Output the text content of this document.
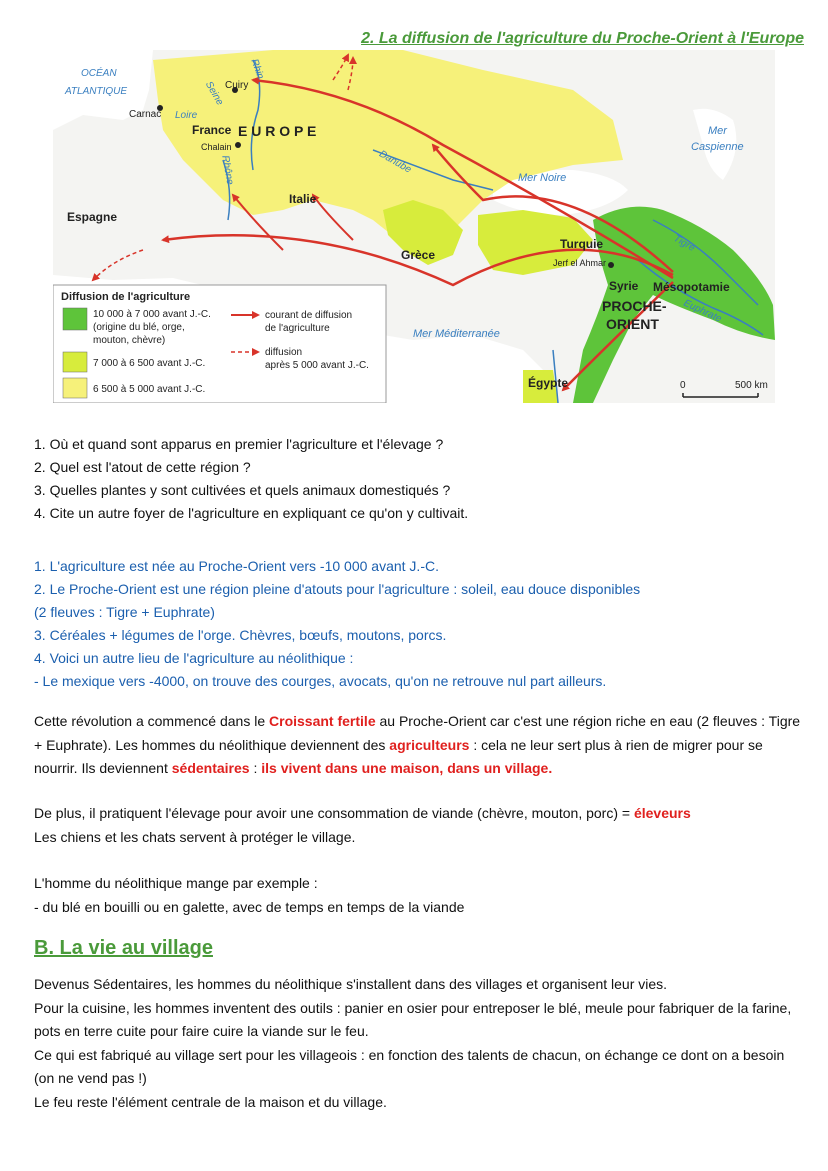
2. La diffusion de l'agriculture du Proche-Orient à l'Europe
OCÉAN
ATLANTIQUE
Loire
Seine
Rhin
Rhône	Danube
Mer Noire
Mer
Caspienne
Tigre
Euphrate
Mer Méditerranée
Carnac
Cuiry
France E U R O P E
Chalain
Espagne
Italie
Grèce
Turquie
Jerf el Ahmar
Syrie Mésopotamie
PROCHE-
ORIENT
Égypte	0	500 km
Diffusion de l'agriculture
10 000 à 7 000 avant J.-C.
(origine du blé, orge,
mouton, chèvre)
7 000 à 6 500 avant J.-C.
6 500 à 5 000 avant J.-C.
courant de diffusion
de l'agriculture
diffusion
après 5 000 avant J.-C.

1. Où et quand sont apparus en premier l'agriculture et l'élevage ?

2. Quel est l'atout de cette région ?

3. Quelles plantes y sont cultivées et quels animaux domestiqués ?

4. Cite un autre foyer de l'agriculture en expliquant ce qu'on y cultivait.

1. L'agriculture est née au Proche-Orient vers -10 000 avant J.-C.

2. Le Proche-Orient est une région pleine d'atouts pour l'agriculture : soleil, eau douce disponibles

(2 fleuves : Tigre + Euphrate)

3. Céréales + légumes de l'orge. Chèvres, bœufs, moutons, porcs.

4. Voici un autre lieu de l'agriculture au néolithique :

- Le mexique vers -4000, on trouve des courges, avocats, qu'on ne retrouve nul part ailleurs.

Cette révolution a commencé dans le Croissant fertile au Proche-Orient car c'est une région riche en eau (2 fleuves : Tigre + Euphrate). Les hommes du néolithique deviennent des agriculteurs : cela ne leur sert plus à rien de migrer pour se nourrir. Ils deviennent sédentaires : ils vivent dans une maison, dans un village.

De plus, il pratiquent l'élevage pour avoir une consommation de viande (chèvre, mouton, porc) = éleveurs

Les chiens et les chats servent à protéger le village.

L'homme du néolithique mange par exemple :

- du blé en bouilli ou en galette, avec de temps en temps de la viande

B. La vie au village

Devenus Sédentaires, les hommes du néolithique s'installent dans des villages et organisent leur vies.

Pour la cuisine, les hommes inventent des outils : panier en osier pour entreposer le blé, meule pour fabriquer de la farine, pots en terre cuite pour faire cuire la viande sur le feu.

Ce qui est fabriqué au village sert pour les villageois : en fonction des talents de chacun, on échange ce dont on a besoin (on ne vend pas !)

Le feu reste l'élément centrale de la maison et du village.
